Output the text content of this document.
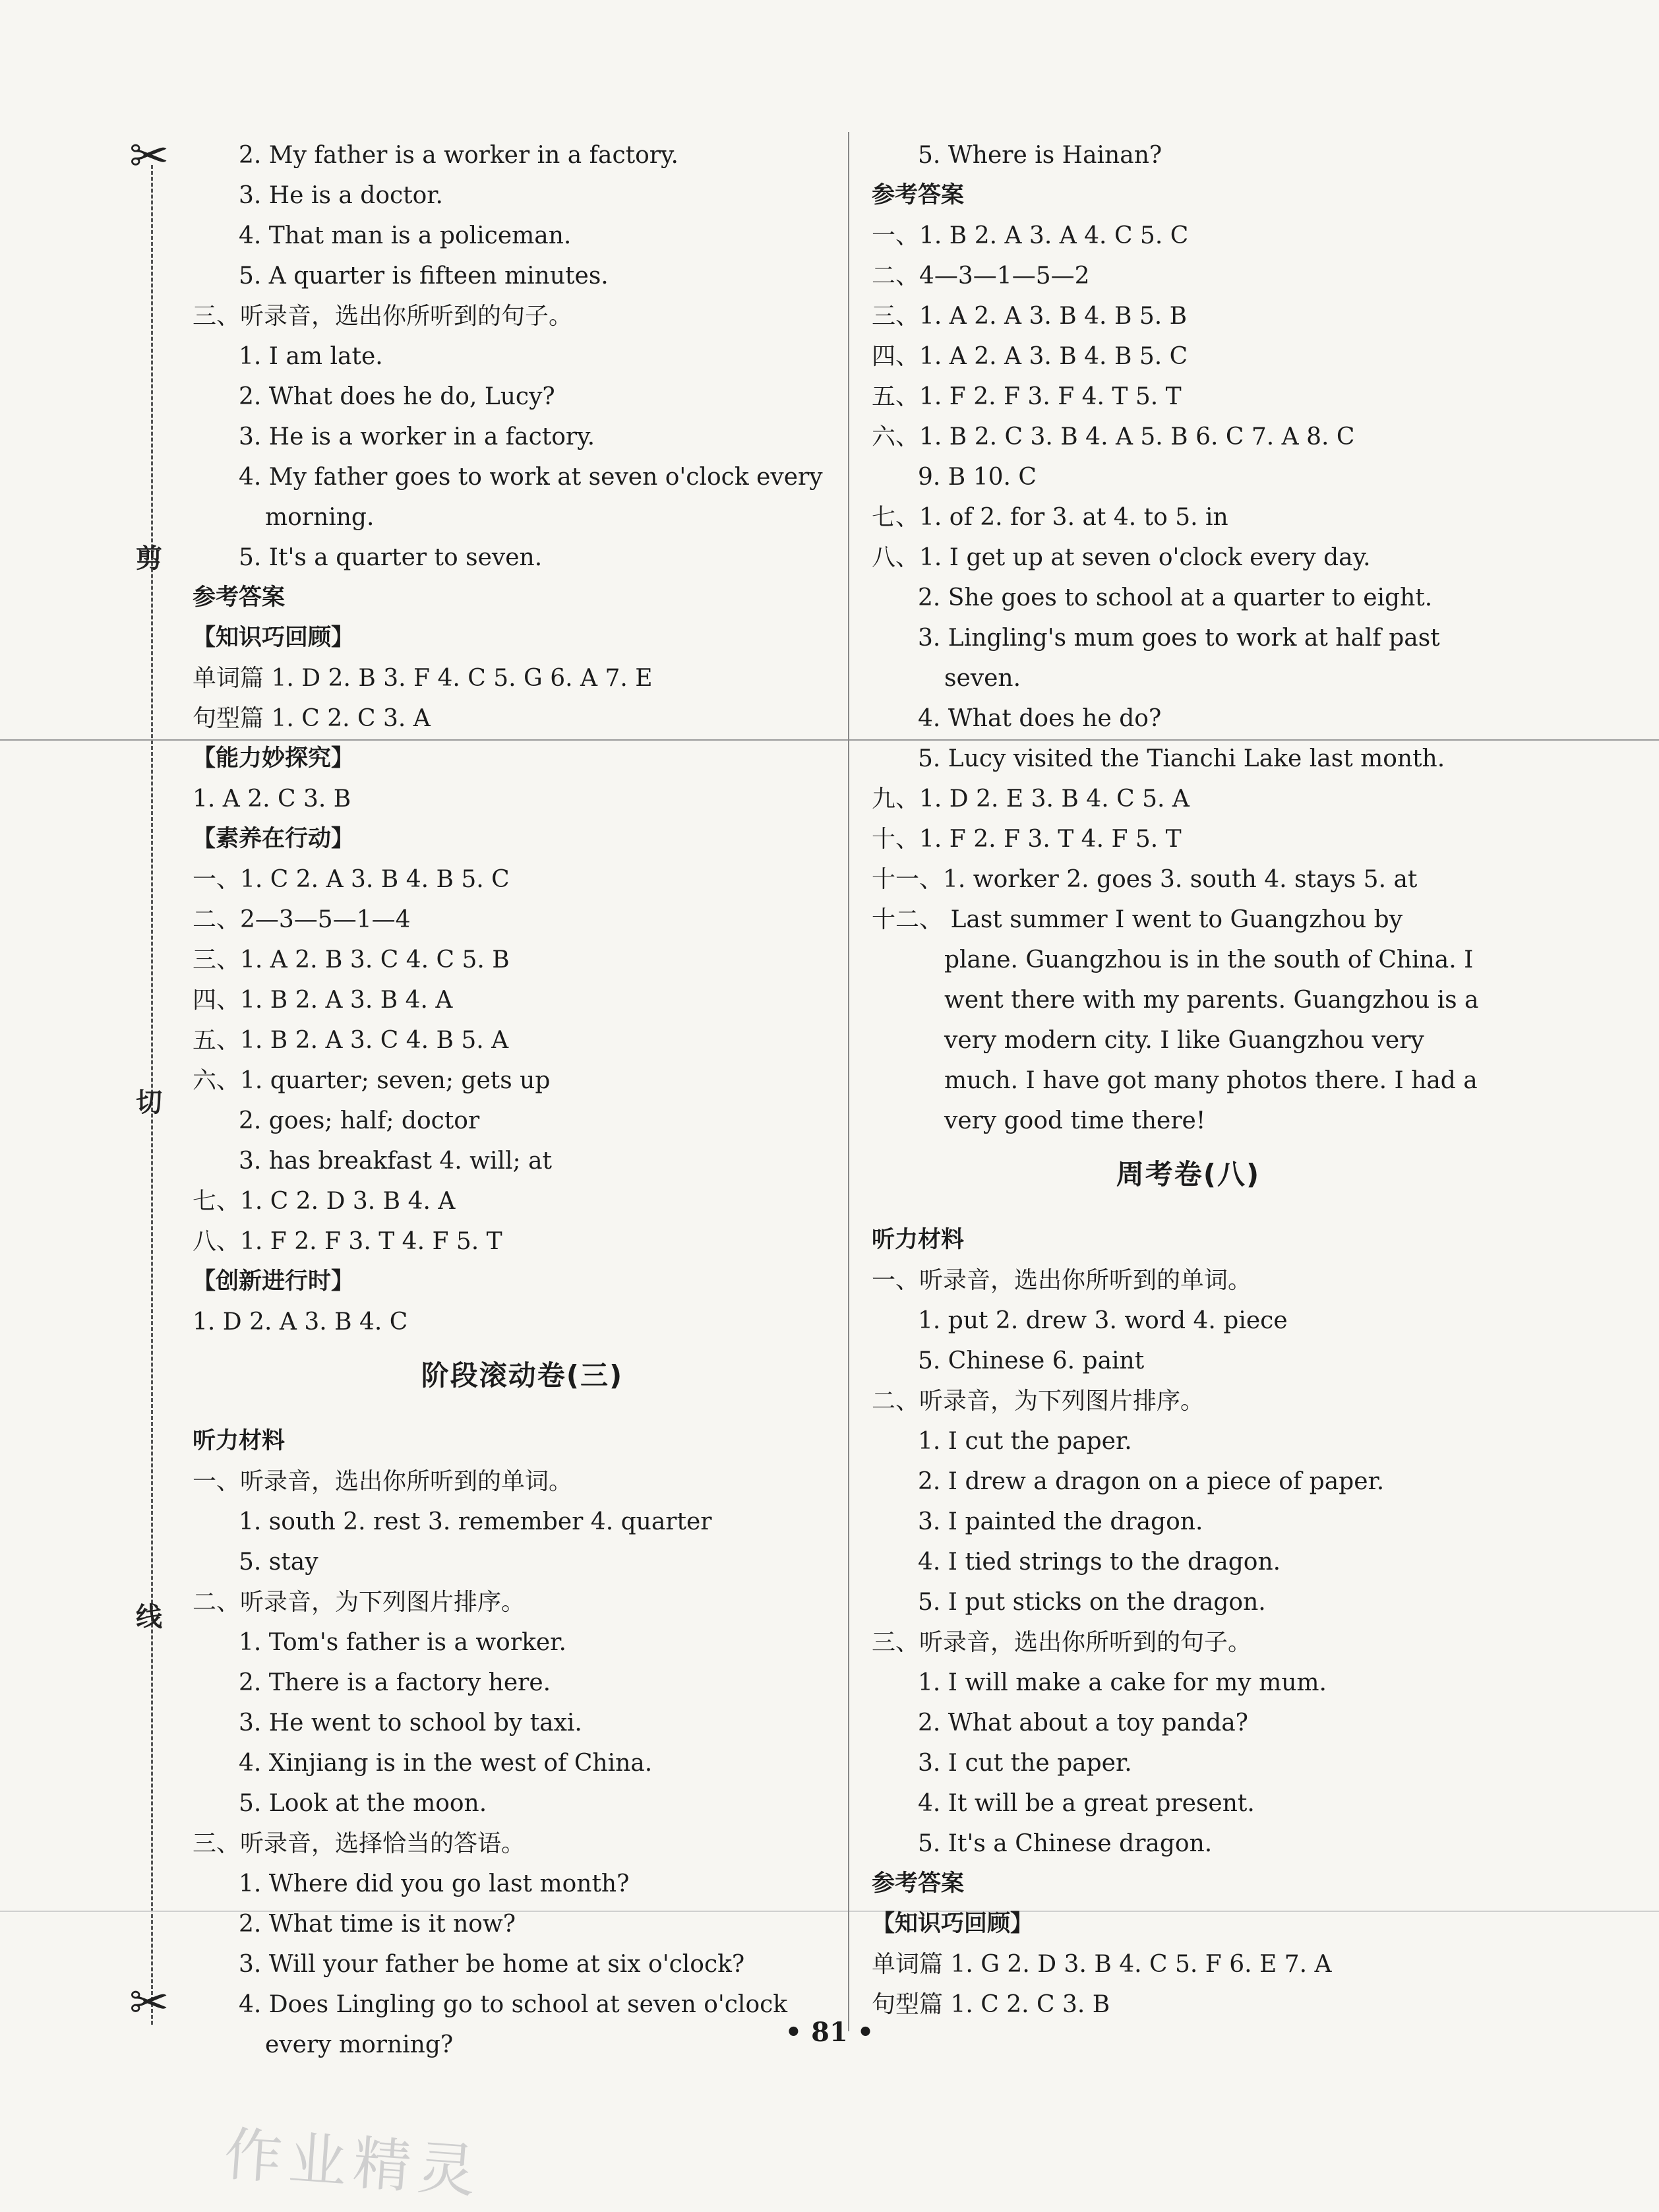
✂
✂
剪
切
线
2. My father is a worker in a factory.
3. He is a doctor.
4. That man is a policeman.
5. A quarter is fifteen minutes.
三、听录音，选出你所听到的句子。
1. I am late.
2. What does he do, Lucy?
3. He is a worker in a factory.
4. My father goes to work at seven o'clock every
morning.
5. It's a quarter to seven.
参考答案
【知识巧回顾】
单词篇 1. D 2. B 3. F 4. C 5. G 6. A 7. E
句型篇 1. C 2. C 3. A
【能力妙探究】
1. A 2. C 3. B
【素养在行动】
一、1. C 2. A 3. B 4. B 5. C
二、2—3—5—1—4
三、1. A 2. B 3. C 4. C 5. B
四、1. B 2. A 3. B 4. A
五、1. B 2. A 3. C 4. B 5. A
六、1. quarter; seven; gets up
2. goes; half; doctor
3. has breakfast 4. will; at
七、1. C 2. D 3. B 4. A
八、1. F 2. F 3. T 4. F 5. T
【创新进行时】
1. D 2. A 3. B 4. C
阶段滚动卷(三)
听力材料
一、听录音，选出你所听到的单词。
1. south 2. rest 3. remember 4. quarter
5. stay
二、听录音，为下列图片排序。
1. Tom's father is a worker.
2. There is a factory here.
3. He went to school by taxi.
4. Xinjiang is in the west of China.
5. Look at the moon.
三、听录音，选择恰当的答语。
1. Where did you go last month?
2. What time is it now?
3. Will your father be home at six o'clock?
4. Does Lingling go to school at seven o'clock
every morning?
5. Where is Hainan?
参考答案
一、1. B 2. A 3. A 4. C 5. C
二、4—3—1—5—2
三、1. A 2. A 3. B 4. B 5. B
四、1. A 2. A 3. B 4. B 5. C
五、1. F 2. F 3. F 4. T 5. T
六、1. B 2. C 3. B 4. A 5. B 6. C 7. A 8. C
9. B 10. C
七、1. of 2. for 3. at 4. to 5. in
八、1. I get up at seven o'clock every day.
2. She goes to school at a quarter to eight.
3. Lingling's mum goes to work at half past
seven.
4. What does he do?
5. Lucy visited the Tianchi Lake last month.
九、1. D 2. E 3. B 4. C 5. A
十、1. F 2. F 3. T 4. F 5. T
十一、1. worker 2. goes 3. south 4. stays 5. at
十二、 Last summer I went to Guangzhou by
plane. Guangzhou is in the south of China. I
went there with my parents. Guangzhou is a
very modern city. I like Guangzhou very
much. I have got many photos there. I had a
very good time there!
周考卷(八)
听力材料
一、听录音，选出你所听到的单词。
1. put 2. drew 3. word 4. piece
5. Chinese 6. paint
二、听录音，为下列图片排序。
1. I cut the paper.
2. I drew a dragon on a piece of paper.
3. I painted the dragon.
4. I tied strings to the dragon.
5. I put sticks on the dragon.
三、听录音，选出你所听到的句子。
1. I will make a cake for my mum.
2. What about a toy panda?
3. I cut the paper.
4. It will be a great present.
5. It's a Chinese dragon.
参考答案
【知识巧回顾】
单词篇 1. G 2. D 3. B 4. C 5. F 6. E 7. A
句型篇 1. C 2. C 3. B
• 81 •
作业精灵
